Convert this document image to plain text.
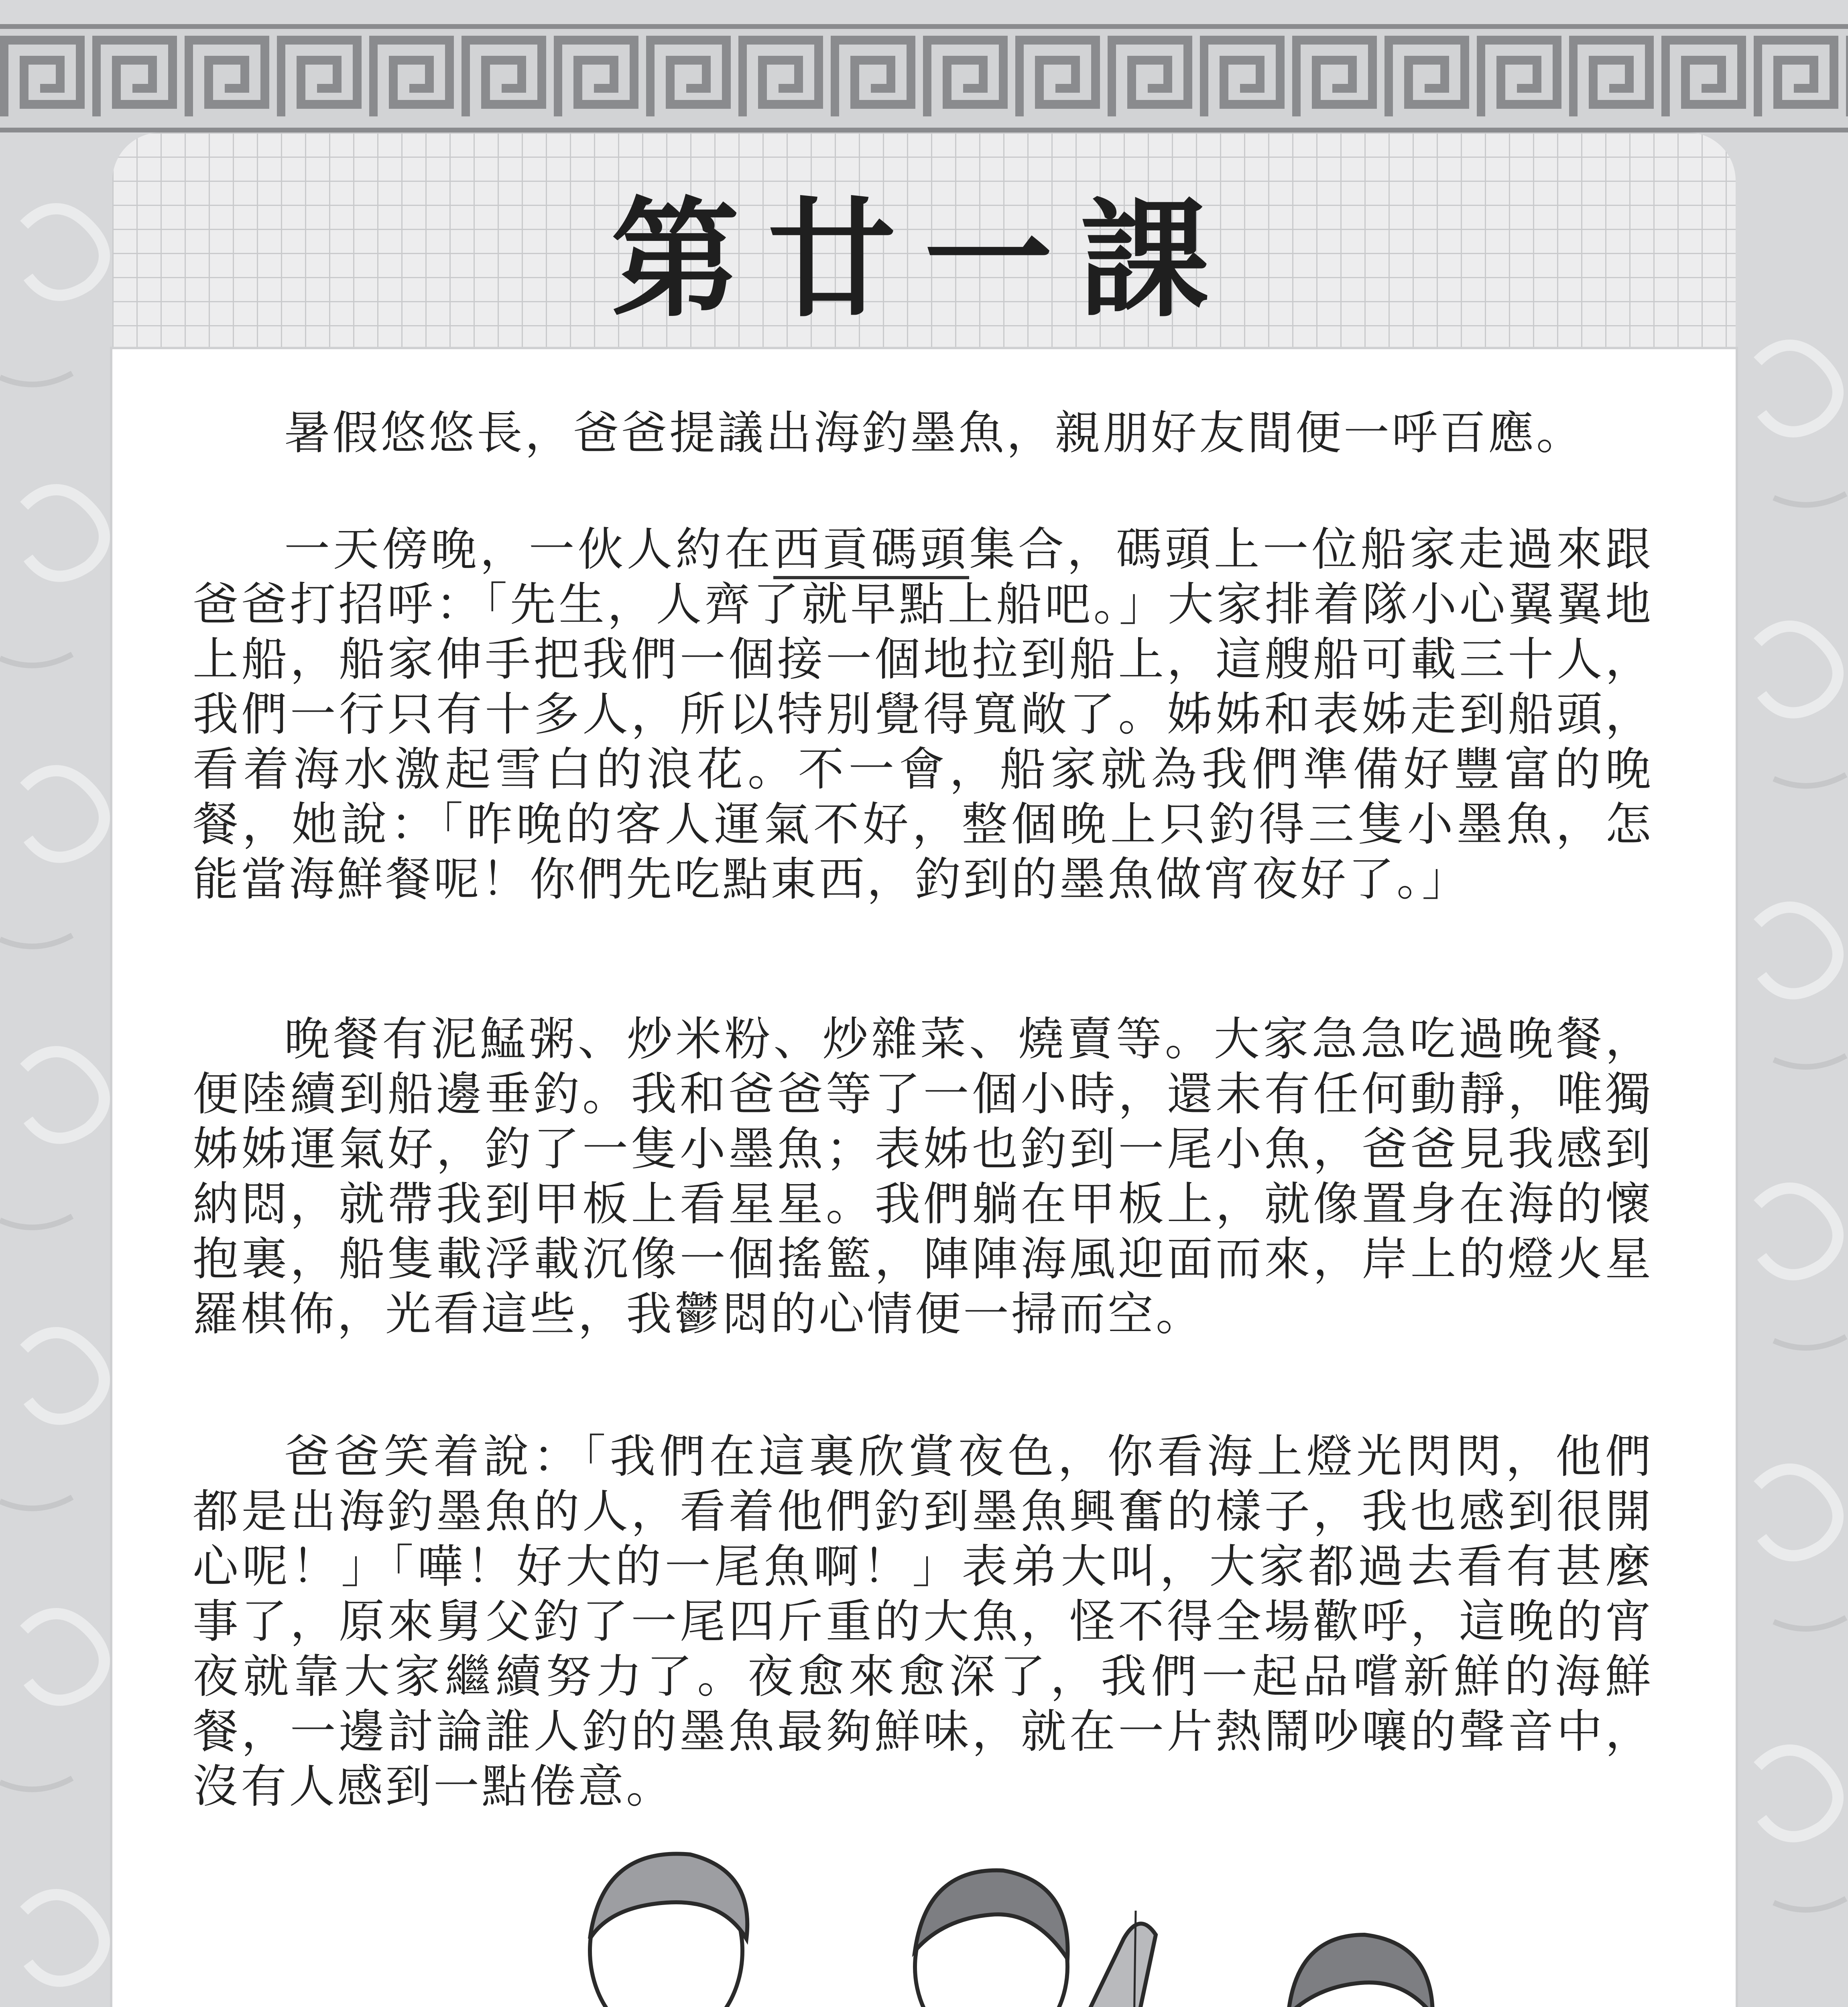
第廿一課

暑假悠悠長，爸爸提議出海釣墨魚，親朋好友間便一呼百應。

一天傍晚，一伙人約在西貢碼頭集合，碼頭上一位船家走過來跟爸爸打招呼：「先生，人齊了就早點上船吧。」大家排着隊小心翼翼地上船，船家伸手把我們一個接一個地拉到船上，這艘船可載三十人，我們一行只有十多人，所以特別覺得寬敞了。姊姊和表姊走到船頭，看着海水激起雪白的浪花。不一會，船家就為我們準備好豐富的晚餐，她說：「昨晚的客人運氣不好，整個晚上只釣得三隻小墨魚，怎能當海鮮餐呢！你們先吃點東西，釣到的墨魚做宵夜好了。」

晚餐有泥鯭粥、炒米粉、炒雜菜、燒賣等。大家急急吃過晚餐，便陸續到船邊垂釣。我和爸爸等了一個小時，還未有任何動靜，唯獨姊姊運氣好，釣了一隻小墨魚；表姊也釣到一尾小魚，爸爸見我感到納悶，就帶我到甲板上看星星。我們躺在甲板上，就像置身在海的懷抱裏，船隻載浮載沉像一個搖籃，陣陣海風迎面而來，岸上的燈火星羅棋佈，光看這些，我鬱悶的心情便一掃而空。

爸爸笑着說：「我們在這裏欣賞夜色，你看海上燈光閃閃，他們都是出海釣墨魚的人，看着他們釣到墨魚興奮的樣子，我也感到很開心呢！」「嘩！好大的一尾魚啊！」表弟大叫，大家都過去看有甚麼事了，原來舅父釣了一尾四斤重的大魚，怪不得全場歡呼，這晚的宵夜就靠大家繼續努力了。夜愈來愈深了，我們一起品嚐新鮮的海鮮餐，一邊討論誰人釣的墨魚最夠鮮味，就在一片熱鬧吵嚷的聲音中，沒有人感到一點倦意。
